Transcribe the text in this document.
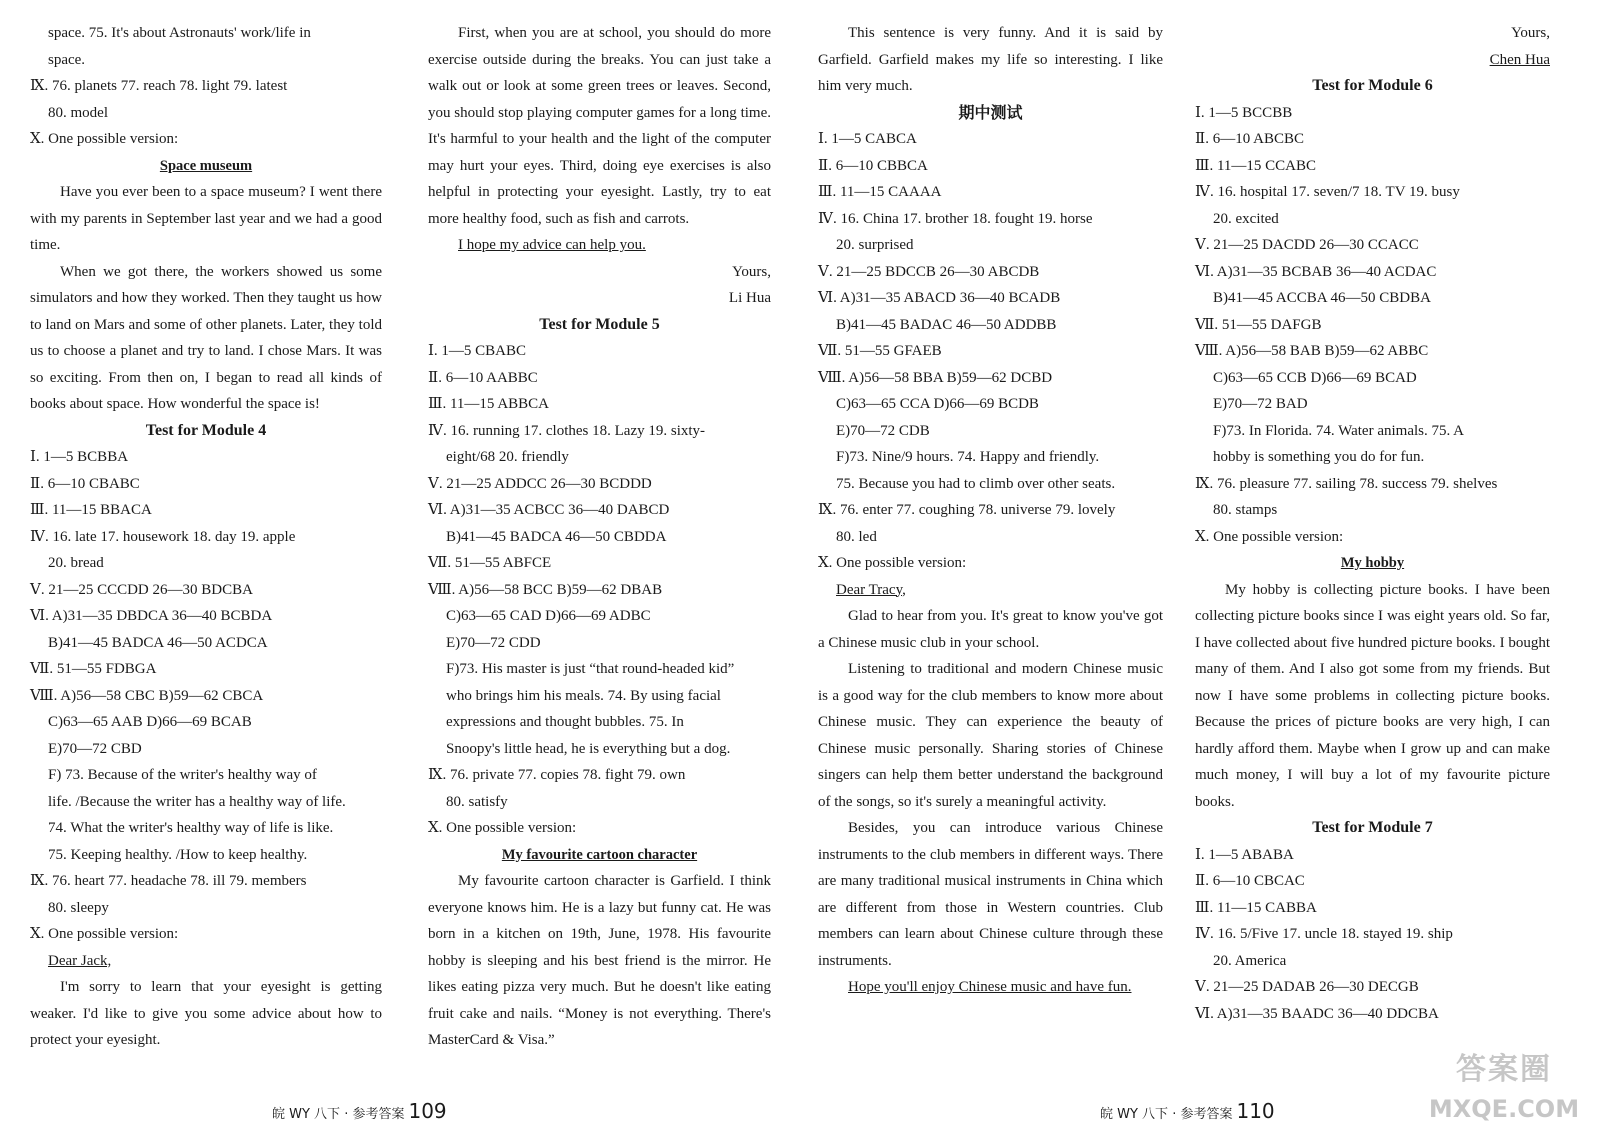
space. 75. It's about Astronauts' work/life in

space.

Ⅸ. 76. planets 77. reach 78. light 79. latest

80. model

Ⅹ. One possible version:

Space museum

Have you ever been to a space museum? I went there with my parents in September last year and we had a good time.

When we got there, the workers showed us some simulators and how they worked. Then they taught us how to land on Mars and some of other planets. Later, they told us to choose a planet and try to land. I chose Mars. It was so exciting. From then on, I began to read all kinds of books about space. How wonderful the space is!

Test for Module 4

Ⅰ. 1—5 BCBBA

Ⅱ. 6—10 CBABC

Ⅲ. 11—15 BBACA

Ⅳ. 16. late 17. housework 18. day 19. apple

20. bread

Ⅴ. 21—25 CCCDD 26—30 BDCBA

Ⅵ. A)31—35 DBDCA 36—40 BCBDA

B)41—45 BADCA 46—50 ACDCA

Ⅶ. 51—55 FDBGA

Ⅷ. A)56—58 CBC B)59—62 CBCA

C)63—65 AAB D)66—69 BCAB

E)70—72 CBD

F) 73. Because of the writer's healthy way of

life. /Because the writer has a healthy way of life.

74. What the writer's healthy way of life is like.

75. Keeping healthy. /How to keep healthy.

Ⅸ. 76. heart 77. headache 78. ill 79. members

80. sleepy

Ⅹ. One possible version:

Dear Jack,

I'm sorry to learn that your eyesight is getting weaker. I'd like to give you some advice about how to protect your eyesight.

First, when you are at school, you should do more exercise outside during the breaks. You can just take a walk out or look at some green trees or leaves. Second, you should stop playing computer games for a long time. It's harmful to your health and the light of the computer may hurt your eyes. Third, doing eye exercises is also helpful in protecting your eyesight. Lastly, try to eat more healthy food, such as fish and carrots.

I hope my advice can help you.

Yours,

Li Hua

Test for Module 5

Ⅰ. 1—5 CBABC

Ⅱ. 6—10 AABBC

Ⅲ. 11—15 ABBCA

Ⅳ. 16. running 17. clothes 18. Lazy 19. sixty-

eight/68 20. friendly

Ⅴ. 21—25 ADDCC 26—30 BCDDD

Ⅵ. A)31—35 ACBCC 36—40 DABCD

B)41—45 BADCA 46—50 CBDDA

Ⅶ. 51—55 ABFCE

Ⅷ. A)56—58 BCC B)59—62 DBAB

C)63—65 CAD D)66—69 ADBC

E)70—72 CDD

F)73. His master is just “that round-headed kid”

who brings him his meals. 74. By using facial

expressions and thought bubbles. 75. In

Snoopy's little head, he is everything but a dog.

Ⅸ. 76. private 77. copies 78. fight 79. own

80. satisfy

Ⅹ. One possible version:

My favourite cartoon character

My favourite cartoon character is Garfield. I think everyone knows him. He is a lazy but funny cat. He was born in a kitchen on 19th, June, 1978. His favourite hobby is sleeping and his best friend is the mirror. He likes eating pizza very much. But he doesn't like eating fruit cake and nails. “Money is not everything. There's MasterCard & Visa.”

This sentence is very funny. And it is said by Garfield. Garfield makes my life so interesting. I like him very much.

期中测试

Ⅰ. 1—5 CABCA

Ⅱ. 6—10 CBBCA

Ⅲ. 11—15 CAAAA

Ⅳ. 16. China 17. brother 18. fought 19. horse

20. surprised

Ⅴ. 21—25 BDCCB 26—30 ABCDB

Ⅵ. A)31—35 ABACD 36—40 BCADB

B)41—45 BADAC 46—50 ADDBB

Ⅶ. 51—55 GFAEB

Ⅷ. A)56—58 BBA B)59—62 DCBD

C)63—65 CCA D)66—69 BCDB

E)70—72 CDB

F)73. Nine/9 hours. 74. Happy and friendly.

75. Because you had to climb over other seats.

Ⅸ. 76. enter 77. coughing 78. universe 79. lovely

80. led

Ⅹ. One possible version:

Dear Tracy,

Glad to hear from you. It's great to know you've got a Chinese music club in your school.

Listening to traditional and modern Chinese music is a good way for the club members to know more about Chinese music. They can experience the beauty of Chinese music personally. Sharing stories of Chinese singers can help them better understand the background of the songs, so it's surely a meaningful activity.

Besides, you can introduce various Chinese instruments to the club members in different ways. There are many traditional musical instruments in China which are different from those in Western countries. Club members can learn about Chinese culture through these instruments.

Hope you'll enjoy Chinese music and have fun.

Yours,

Chen Hua

Test for Module 6

Ⅰ. 1—5 BCCBB

Ⅱ. 6—10 ABCBC

Ⅲ. 11—15 CCABC

Ⅳ. 16. hospital 17. seven/7 18. TV 19. busy

20. excited

Ⅴ. 21—25 DACDD 26—30 CCACC

Ⅵ. A)31—35 BCBAB 36—40 ACDAC

B)41—45 ACCBA 46—50 CBDBA

Ⅶ. 51—55 DAFGB

Ⅷ. A)56—58 BAB B)59—62 ABBC

C)63—65 CCB D)66—69 BCAD

E)70—72 BAD

F)73. In Florida. 74. Water animals. 75. A

hobby is something you do for fun.

Ⅸ. 76. pleasure 77. sailing 78. success 79. shelves

80. stamps

Ⅹ. One possible version:

My hobby

My hobby is collecting picture books. I have been collecting picture books since I was eight years old. So far, I have collected about five hundred picture books. I bought many of them. And I also got some from my friends. But now I have some problems in collecting picture books. Because the prices of picture books are very high, I can hardly afford them. Maybe when I grow up and can make much money, I will buy a lot of my favourite picture books.

Test for Module 7

Ⅰ. 1—5 ABABA

Ⅱ. 6—10 CBCAC

Ⅲ. 11—15 CABBA

Ⅳ. 16. 5/Five 17. uncle 18. stayed 19. ship

20. America

Ⅴ. 21—25 DADAB 26—30 DECGB

Ⅵ. A)31—35 BAADC 36—40 DDCBA

皖 WY 八下 · 参考答案 109	皖 WY 八下 · 参考答案 110
答案圈
MXQE.COM
